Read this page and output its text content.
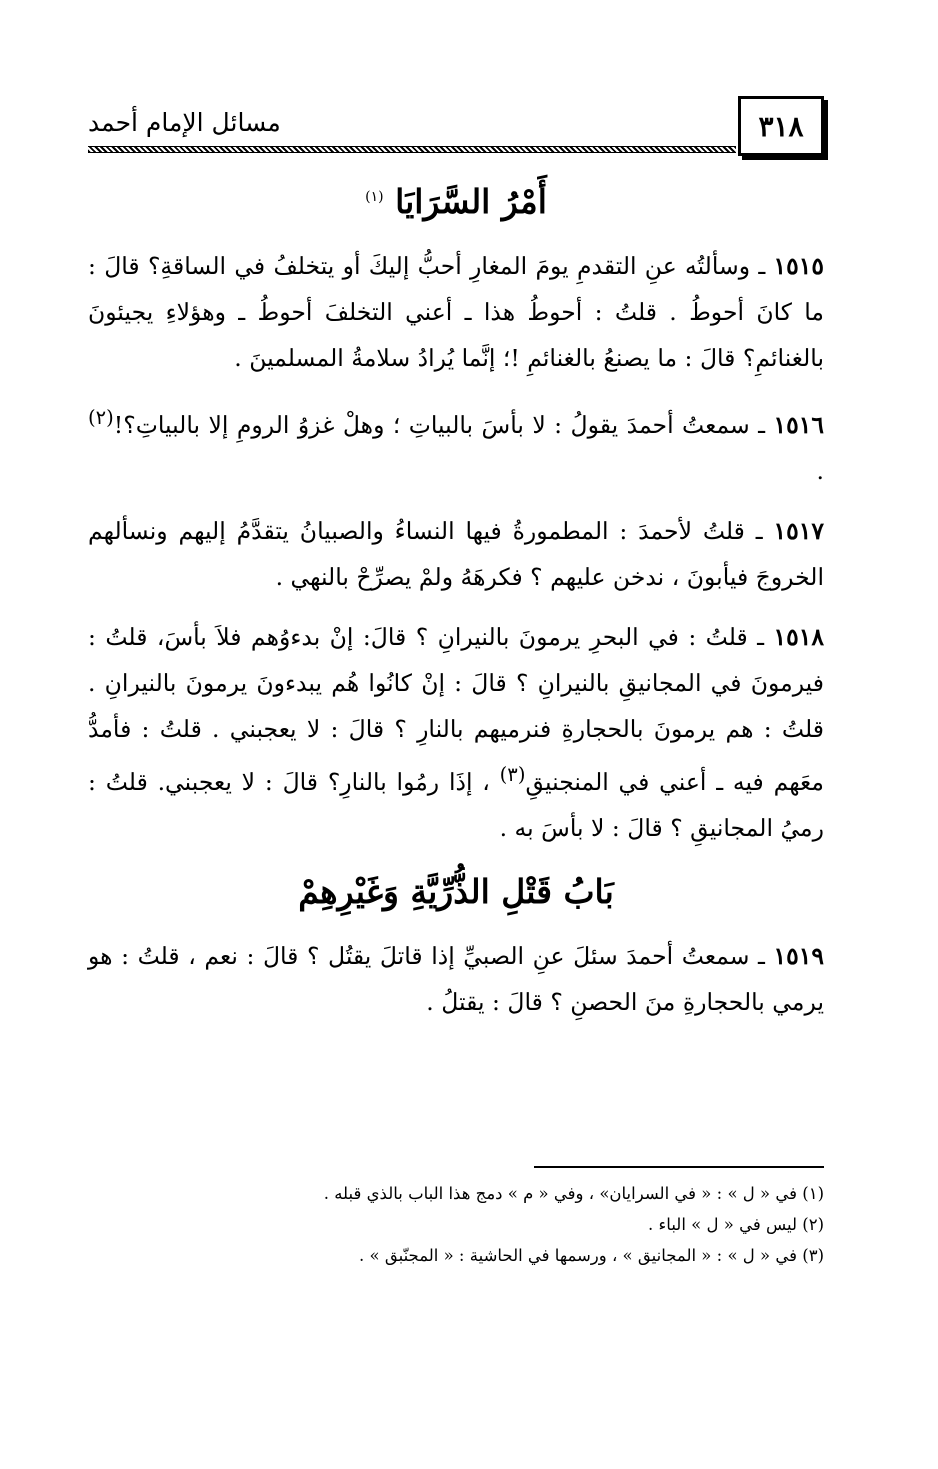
مسائل الإمام أحمد	٣١٨
أَمْرُ السَّرَايَا $^{(١)}$

١٥١٥ ـ وسألتُه عنِ التقدمِ يومَ المغارِ أحبُّ إليكَ أو يتخلفُ في الساقةِ؟ قالَ : ما كانَ أحوطُ . قلتُ : أحوطُ هذا ـ أعني التخلفَ أحوطُ ـ وهؤلاءِ يجيئونَ بالغنائمِ؟ قالَ : ما يصنعُ بالغنائمِ !؛ إنَّما يُرادُ سلامةُ المسلمينَ .

١٥١٦ ـ سمعتُ أحمدَ يقولُ : لا بأسَ بالبياتِ ؛ وهلْ غزوُ الرومِ إلا بالبياتِ؟!$^{(٢)}$ .

١٥١٧ ـ قلتُ لأحمدَ : المطمورةُ فيها النساءُ والصبيانُ يتقدَّمُ إليهم ونسألهم الخروجَ فيأبونَ ، ندخن عليهم ؟ فكرهَهُ ولمْ يصرِّحْ بالنهي .

١٥١٨ ـ قلتُ : في البحرِ يرمونَ بالنيرانِ ؟ قالَ: إنْ بدءوُهم فلاَ بأسَ، قلتُ : فيرمونَ في المجانيقِ بالنيرانِ ؟ قالَ : إنْ كانُوا هُم يبدءونَ يرمونَ بالنيرانِ . قلتُ : هم يرمونَ بالحجارةِ فنرميهم بالنارِ ؟ قالَ : لا يعجبني . قلتُ : فأمدُّ معَهم فيه ـ أعني في المنجنيقِ$^{(٣)}$ ، إذَا رمُوا بالنارِ؟ قالَ : لا يعجبني. قلتُ : رميُ المجانيقِ ؟ قالَ : لا بأسَ به .

بَابُ قَتْلِ الذُّرِّيَّةِ وَغَيْرِهِمْ

١٥١٩ ـ سمعتُ أحمدَ سئلَ عنِ الصبيِّ إذا قاتلَ يقتُل ؟ قالَ : نعم ، قلتُ : هو يرمي بالحجارةِ منَ الحصنِ ؟ قالَ : يقتلُ .

(١) في « ل » : « في السرايان» ، وفي « م » دمج هذا الباب بالذي قبله .
(٢) ليس في « ل » الباء .
(٣) في « ل » : « المجانيق » ، ورسمها في الحاشية : « المجنّبق » .
